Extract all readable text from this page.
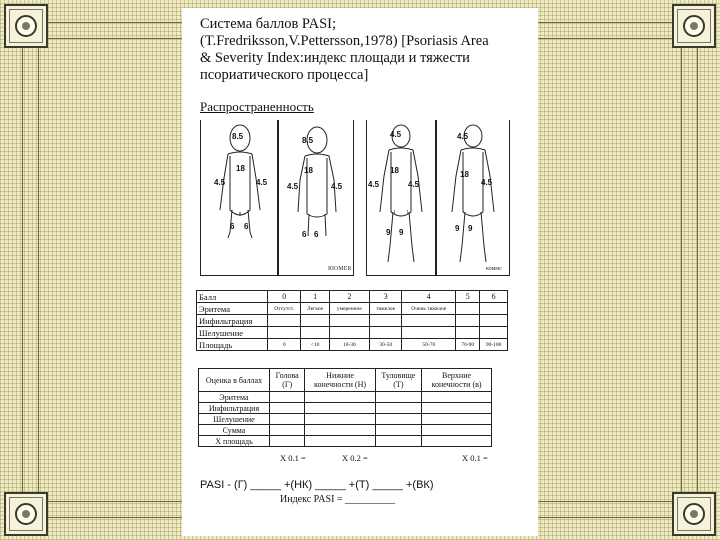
Система баллов PASI;
(T.Fredriksson,V.Pettersson,1978) [Psoriasis Area
& Severity Index:индекс площади и тяжести
псориатического процесса]
Распространенность
8.5
18
4.5	4.5
6 6
8.5
18
4.5	4.5
6 6
4.5
18
4.5	4.5
9 9
4.5
18
4.5
9 9
1 1
RIOMER	коммс
Балл	0	1	2	3	4	5	6
Эритема	Отсутст.	Легкое	умеренное	тяжелое	Очень тяжелое		
Инфильтрация							
Шелушение							
Площадь	0	<10	10-30	30-50	50-70	70-90	90-100
Оценка в баллах	Голова (Г)	Нижние конечности (Н)	Туловище (Т)	Верхние конечности (в)
Эритема				
Инфильтрация				
Шелушение				
Сумма				
X площадь				
X 0.1 =	X 0.2 =	X 0.1 =
PASI - (Г) _____ +(НК) _____ +(Т) _____ +(ВК)
Индекс PASI = __________
